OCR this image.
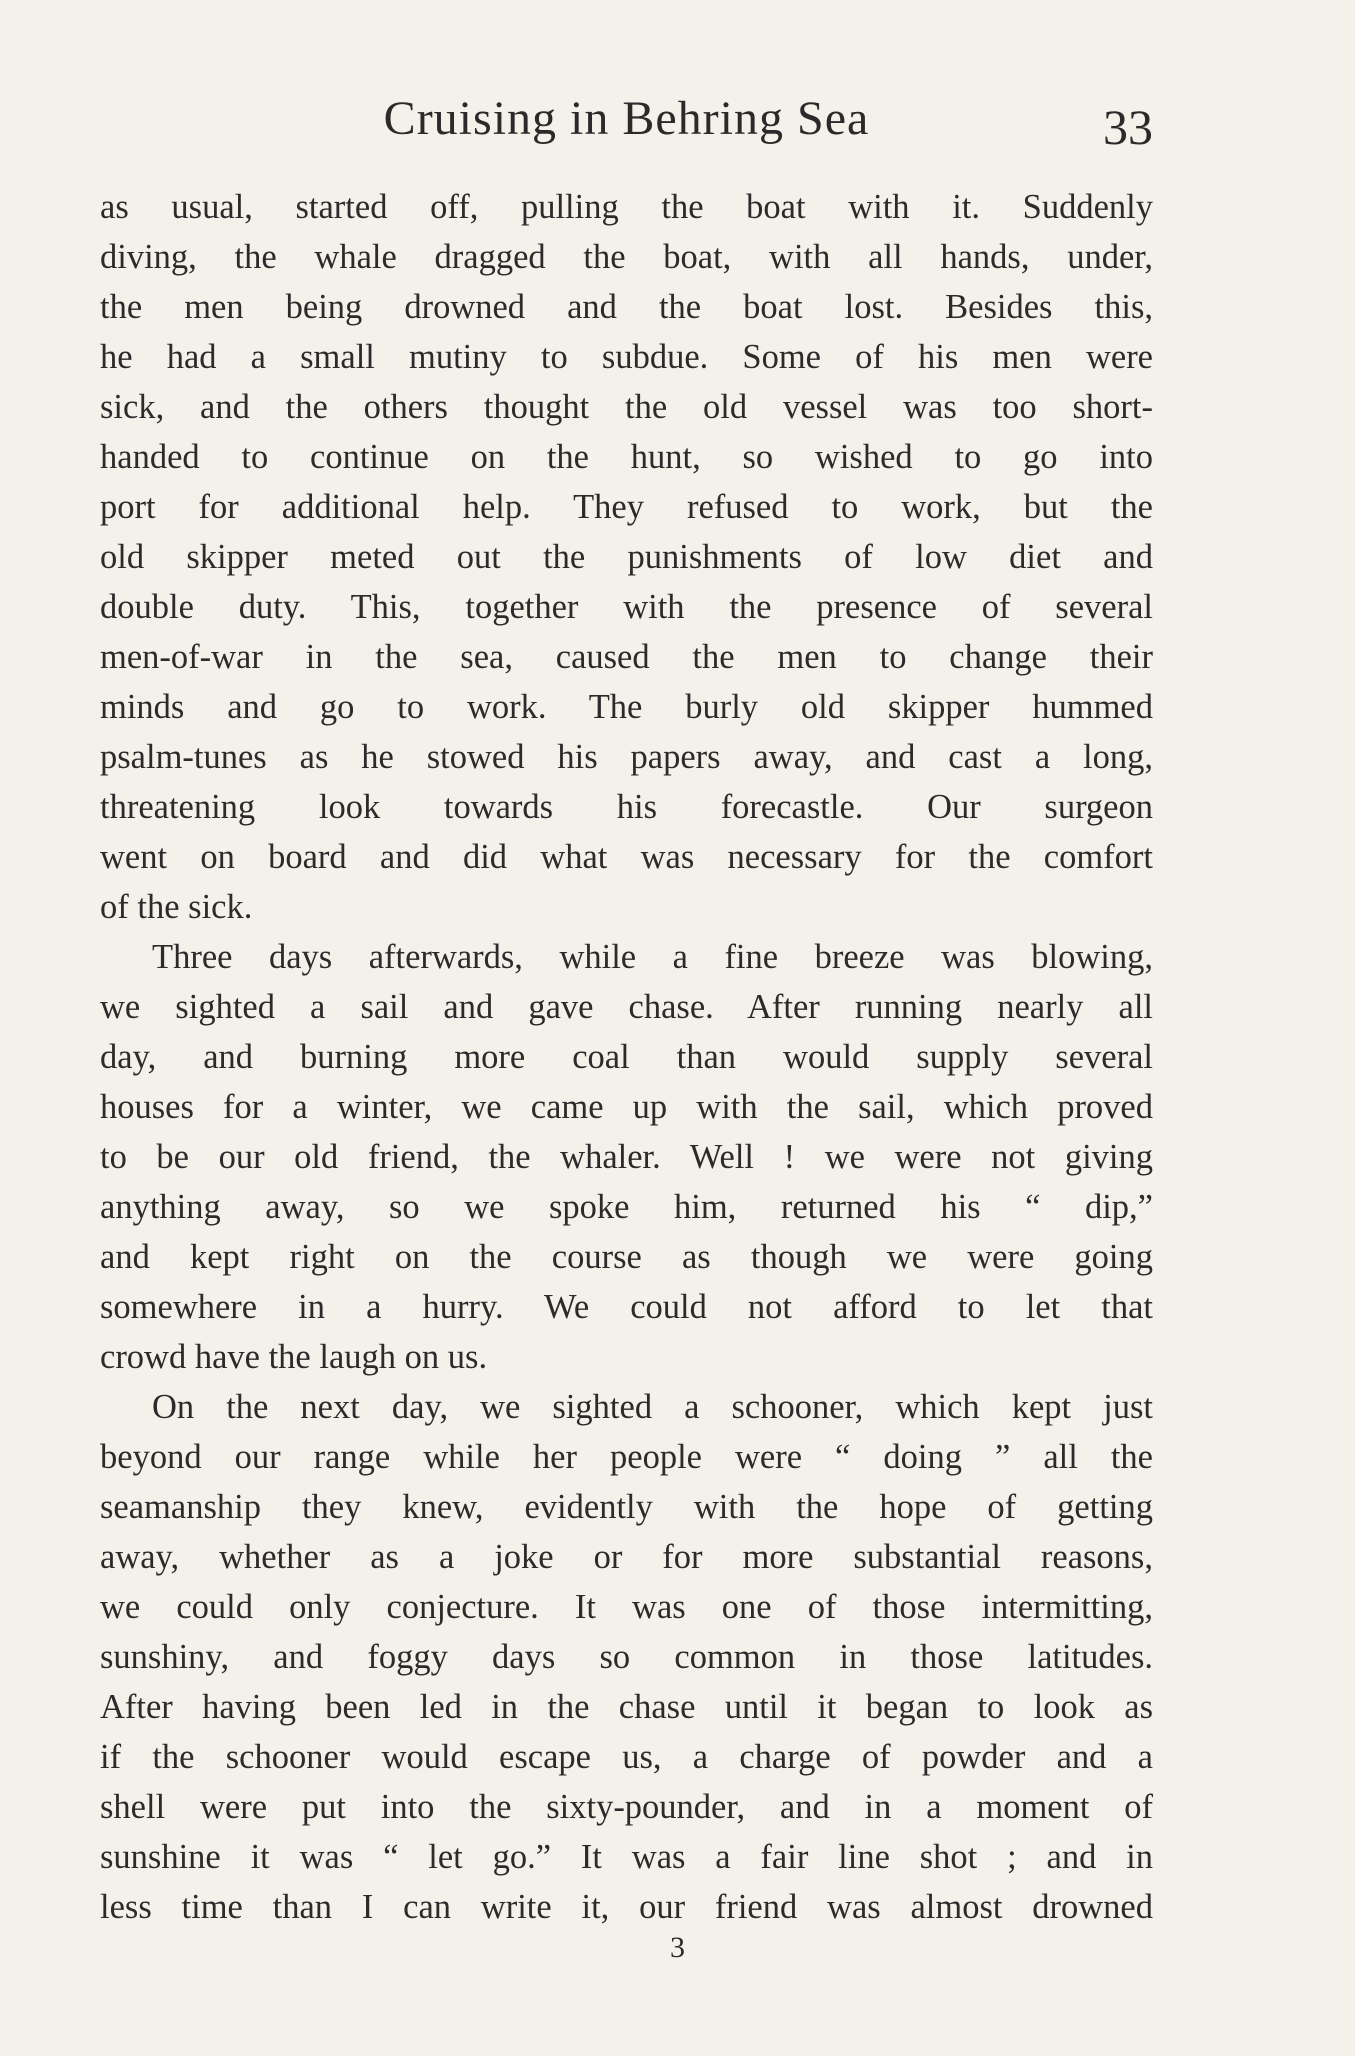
Cruising in Behring Sea	33

as usual, started off, pulling the boat with it. Suddenly
diving, the whale dragged the boat, with all hands, under,
the men being drowned and the boat lost. Besides this,
he had a small mutiny to subdue. Some of his men were
sick, and the others thought the old vessel was too short-
handed to continue on the hunt, so wished to go into
port for additional help. They refused to work, but the
old skipper meted out the punishments of low diet and
double duty. This, together with the presence of several
men-of-war in the sea, caused the men to change their
minds and go to work. The burly old skipper hummed
psalm-tunes as he stowed his papers away, and cast a long,
threatening look towards his forecastle. Our surgeon
went on board and did what was necessary for the comfort
of the sick.

Three days afterwards, while a fine breeze was blowing,
we sighted a sail and gave chase. After running nearly all
day, and burning more coal than would supply several
houses for a winter, we came up with the sail, which proved
to be our old friend, the whaler. Well ! we were not giving
anything away, so we spoke him, returned his “ dip,”
and kept right on the course as though we were going
somewhere in a hurry. We could not afford to let that
crowd have the laugh on us.

On the next day, we sighted a schooner, which kept just
beyond our range while her people were “ doing ” all the
seamanship they knew, evidently with the hope of getting
away, whether as a joke or for more substantial reasons,
we could only conjecture. It was one of those intermitting,
sunshiny, and foggy days so common in those latitudes.
After having been led in the chase until it began to look as
if the schooner would escape us, a charge of powder and a
shell were put into the sixty-pounder, and in a moment of
sunshine it was “ let go.” It was a fair line shot ; and in
less time than I can write it, our friend was almost drowned

3
